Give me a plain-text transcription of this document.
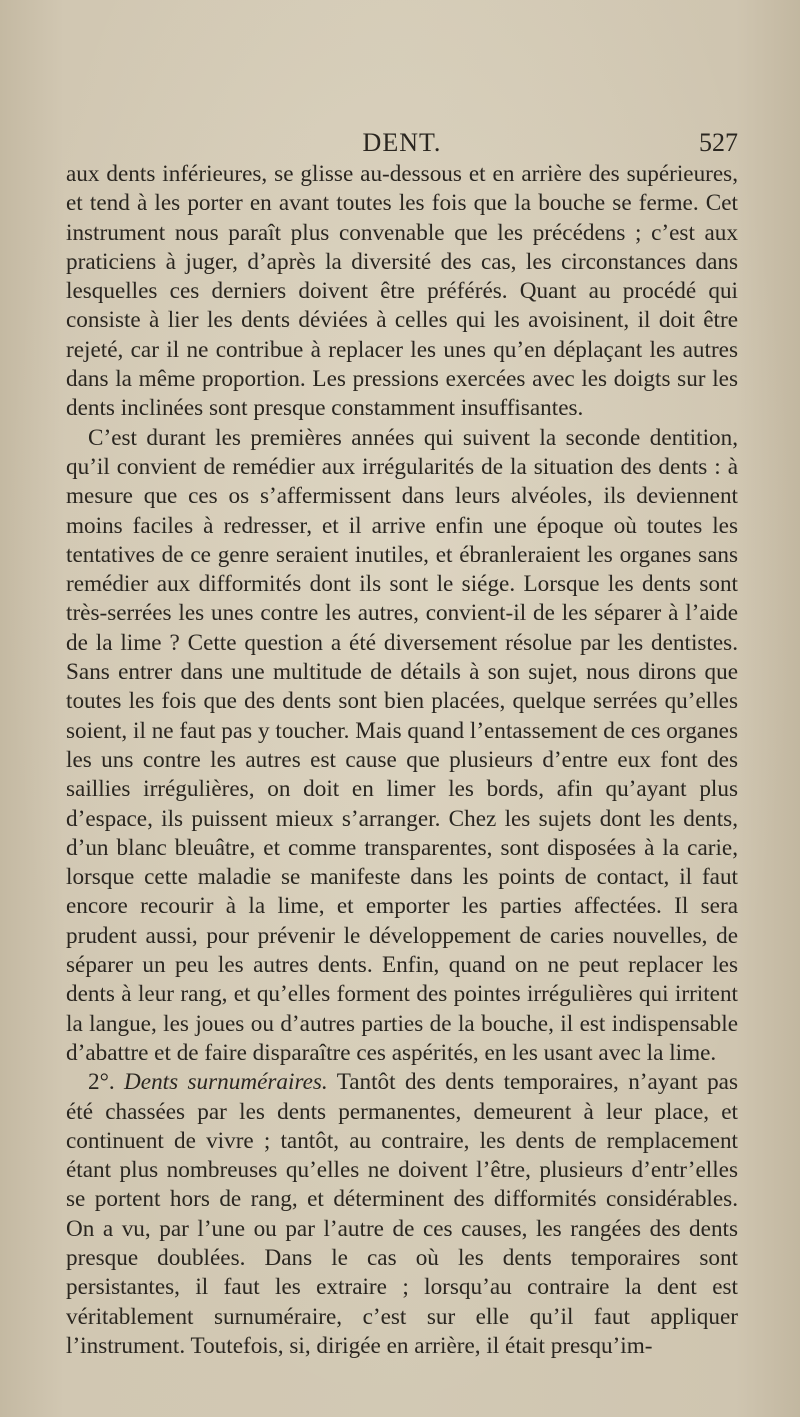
DENT.	527

aux dents inférieures, se glisse au-dessous et en arrière des supérieures, et tend à les porter en avant toutes les fois que la bouche se ferme. Cet instrument nous paraît plus convenable que les précédens ; c’est aux praticiens à juger, d’après la diversité des cas, les circonstances dans lesquelles ces derniers doivent être préférés. Quant au procédé qui consiste à lier les dents déviées à celles qui les avoisinent, il doit être rejeté, car il ne contribue à replacer les unes qu’en déplaçant les autres dans la même proportion. Les pressions exercées avec les doigts sur les dents inclinées sont presque constamment insuffisantes.

C’est durant les premières années qui suivent la seconde dentition, qu’il convient de remédier aux irrégularités de la situation des dents : à mesure que ces os s’affermissent dans leurs alvéoles, ils deviennent moins faciles à redresser, et il arrive enfin une époque où toutes les tentatives de ce genre seraient inutiles, et ébranleraient les organes sans remédier aux difformités dont ils sont le siége. Lorsque les dents sont très-serrées les unes contre les autres, convient-il de les séparer à l’aide de la lime ? Cette question a été diversement résolue par les dentistes. Sans entrer dans une multitude de détails à son sujet, nous dirons que toutes les fois que des dents sont bien placées, quelque serrées qu’elles soient, il ne faut pas y toucher. Mais quand l’entassement de ces organes les uns contre les autres est cause que plusieurs d’entre eux font des saillies irrégulières, on doit en limer les bords, afin qu’ayant plus d’espace, ils puissent mieux s’arranger. Chez les sujets dont les dents, d’un blanc bleuâtre, et comme transparentes, sont disposées à la carie, lorsque cette maladie se manifeste dans les points de contact, il faut encore recourir à la lime, et emporter les parties affectées. Il sera prudent aussi, pour prévenir le développement de caries nouvelles, de séparer un peu les autres dents. Enfin, quand on ne peut replacer les dents à leur rang, et qu’elles forment des pointes irrégulières qui irritent la langue, les joues ou d’autres parties de la bouche, il est indispensable d’abattre et de faire disparaître ces aspérités, en les usant avec la lime.

2°. Dents surnuméraires. Tantôt des dents temporaires, n’ayant pas été chassées par les dents permanentes, demeurent à leur place, et continuent de vivre ; tantôt, au contraire, les dents de remplacement étant plus nombreuses qu’elles ne doivent l’être, plusieurs d’entr’elles se portent hors de rang, et déterminent des difformités considérables. On a vu, par l’une ou par l’autre de ces causes, les rangées des dents presque doublées. Dans le cas où les dents temporaires sont persistantes, il faut les extraire ; lorsqu’au contraire la dent est véritablement surnuméraire, c’est sur elle qu’il faut appliquer l’instrument. Toutefois, si, dirigée en arrière, il était presqu’im-
